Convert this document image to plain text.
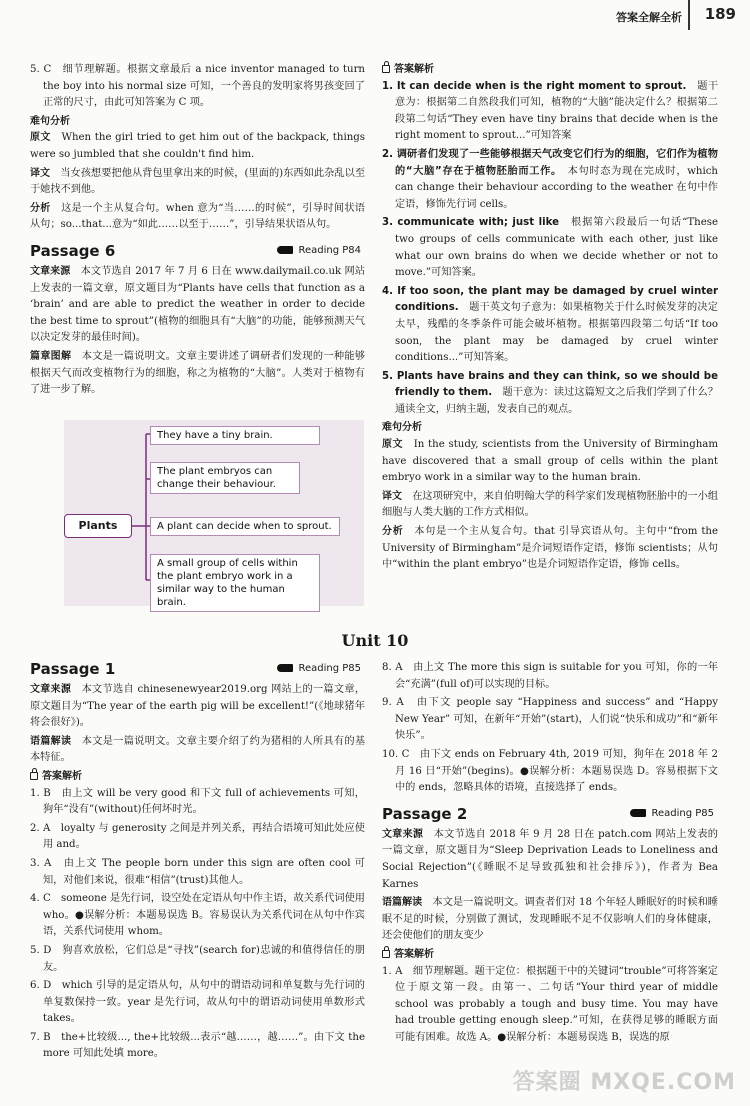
答案全解全析 189

5. C　细节理解题。根据文章最后 a nice inventor managed to turn the boy into his normal size 可知，一个善良的发明家将男孩变回了正常的尺寸，由此可知答案为 C 项。

难句分析

原文　 When the girl tried to get him out of the backpack, things were so jumbled that she couldn't find him.

译文　 当女孩想要把他从背包里拿出来的时候，(里面的)东西如此杂乱以至于她找不到他。

分析　 这是一个主从复合句。when 意为“当……的时候”，引导时间状语从句；so...that...意为“如此……以至于……”，引导结果状语从句。

Passage 6	Reading P84

文章来源　 本文节选自 2017 年 7 月 6 日在 www.dailymail.co.uk 网站上发表的一篇文章，原文题目为“Plants have cells that function as a ‘brain’ and are able to predict the weather in order to decide the best time to sprout”(植物的细胞具有“大脑”的功能，能够预测天气以决定发芽的最佳时间)。

篇章图解　 本文是一篇说明文。文章主要讲述了调研者们发现的一种能够根据天气而改变植物行为的细胞，称之为植物的“大脑”。人类对于植物有了进一步了解。

Plants
They have a tiny brain.
The plant embryos can change their behaviour.
A plant can decide when to sprout.
A small group of cells within the plant embryo work in a similar way to the human brain.

答案解析

1. It can decide when is the right moment to sprout.　 题干意为：根据第二自然段我们可知，植物的“大脑”能决定什么？根据第二段第二句话“They even have tiny brains that decide when is the right moment to sprout...”可知答案

2. 调研者们发现了一些能够根据天气改变它们行为的细胞，它们作为植物的“大脑”存在于植物胚胎而工作。　 本句时态为现在完成时，which can change their behaviour according to the weather 在句中作定语，修饰先行词 cells。

3. communicate with; just like　 根据第六段最后一句话“These two groups of cells communicate with each other, just like what our own brains do when we decide whether or not to move.”可知答案。

4. If too soon, the plant may be damaged by cruel winter conditions.　 题干英文句子意为：如果植物关于什么时候发芽的决定太早，残酷的冬季条件可能会破坏植物。根据第四段第二句话“If too soon, the plant may be damaged by cruel winter conditions...”可知答案。

5. Plants have brains and they can think, so we should be friendly to them.　 题干意为：读过这篇短文之后我们学到了什么？通读全文，归纳主题，发表自己的观点。

难句分析

原文　 In the study, scientists from the University of Birmingham have discovered that a small group of cells within the plant embryo work in a similar way to the human brain.

译文　 在这项研究中，来自伯明翰大学的科学家们发现植物胚胎中的一小组细胞与人类大脑的工作方式相似。

分析　 本句是一个主从复合句。that 引导宾语从句。主句中“from the University of Birmingham”是介词短语作定语，修饰 scientists；从句中“within the plant embryo”也是介词短语作定语，修饰 cells。

Unit 10
Passage 1	Reading P85

文章来源　 本文节选自 chinesenewyear2019.org 网站上的一篇文章，原文题目为“The year of the earth pig will be excellent!”(《地球猪年将会很好》)。

语篇解读　 本文是一篇说明文。文章主要介绍了约为猪相的人所具有的基本特征。

答案解析

1. B　由上文 will be very good 和下文 full of achievements 可知，狗年“没有”(without)任何坏时光。

2. A　loyalty 与 generosity 之间是并列关系，再结合语境可知此处应使用 and。

3. A　由上文 The people born under this sign are often cool 可知，对他们来说，很难“相信”(trust)其他人。

4. C　someone 是先行词，设空处在定语从句中作主语，故关系代词使用 who。●误解分析：本题易误选 B。容易误认为关系代词在从句中作宾语，关系代词使用 whom。

5. D　狗喜欢放松，它们总是“寻找”(search for)忠诚的和值得信任的朋友。

6. D　which 引导的是定语从句，从句中的谓语动词和单复数与先行词的单复数保持一致。year 是先行词，故从句中的谓语动词使用单数形式 takes。

7. B　the+比较级..., the+比较级...表示“越……，越……”。由下文 the more 可知此处填 more。

8. A　由上文 The more this sign is suitable for you 可知，你的一年会“充满”(full of)可以实现的目标。

9. A　由下文 people say “Happiness and success” and “Happy New Year” 可知，在新年“开始”(start)，人们说“快乐和成功”和“新年快乐”。

10. C　由下文 ends on February 4th, 2019 可知，狗年在 2018 年 2 月 16 日“开始”(begins)。●误解分析：本题易误选 D。容易根据下文中的 ends，忽略具体的语境，直接选择了 ends。

Passage 2	Reading P85

文章来源　 本文节选自 2018 年 9 月 28 日在 patch.com 网站上发表的一篇文章，原文题目为“Sleep Deprivation Leads to Loneliness and Social Rejection”(《睡眠不足导致孤独和社会排斥》)，作者为 Bea Karnes

语篇解读　 本文是一篇说明文。调查者们对 18 个年轻人睡眠好的时候和睡眠不足的时候，分别做了测试，发现睡眠不足不仅影响人们的身体健康，还会使他们的朋友变少

答案解析

1. A　细节理解题。题干定位：根据题干中的关键词“trouble”可将答案定位于原文第一段。由第一、二句话“Your third year of middle school was probably a tough and busy time. You may have had trouble getting enough sleep.”可知，在获得足够的睡眠方面可能有困难。故选 A。●误解分析：本题易误选 B，误选的原

答案圈 MXQE.COM
